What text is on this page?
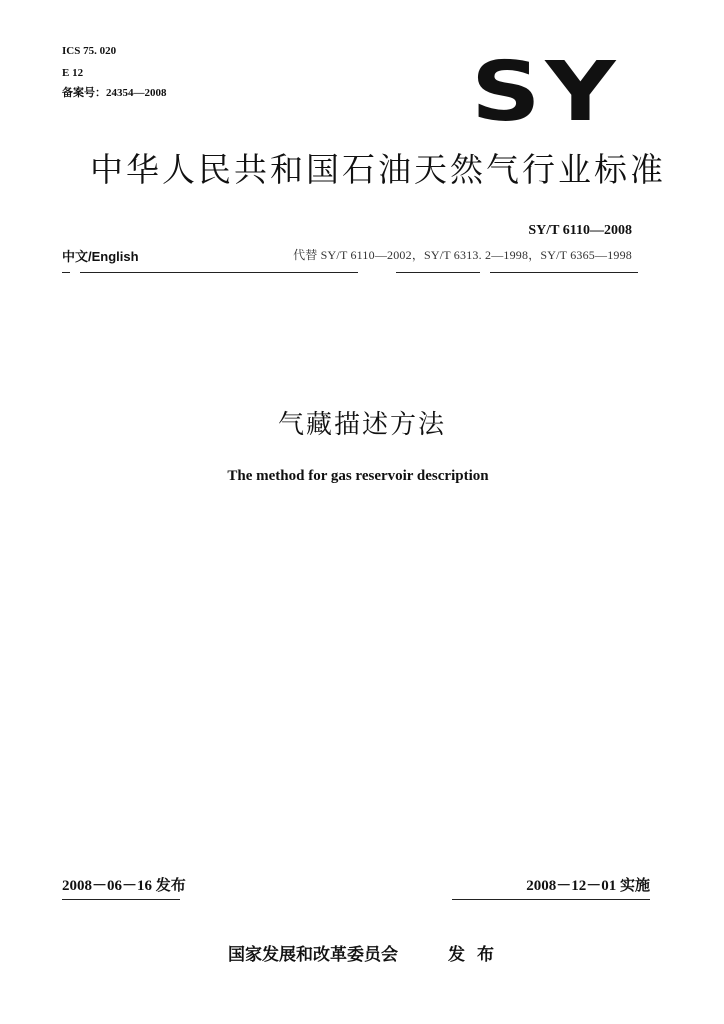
ICS 75. 020
E 12
备案号：24354—2008	SY
中华人民共和国石油天然气行业标准
SY/T 6110—2008
中文/English	代替 SY/T 6110—2002，SY/T 6313. 2—1998，SY/T 6365—1998
气藏描述方法
The method for gas reservoir description
2008－06－16 发布	2008－12－01 实施
国家发展和改革委员会	发布
